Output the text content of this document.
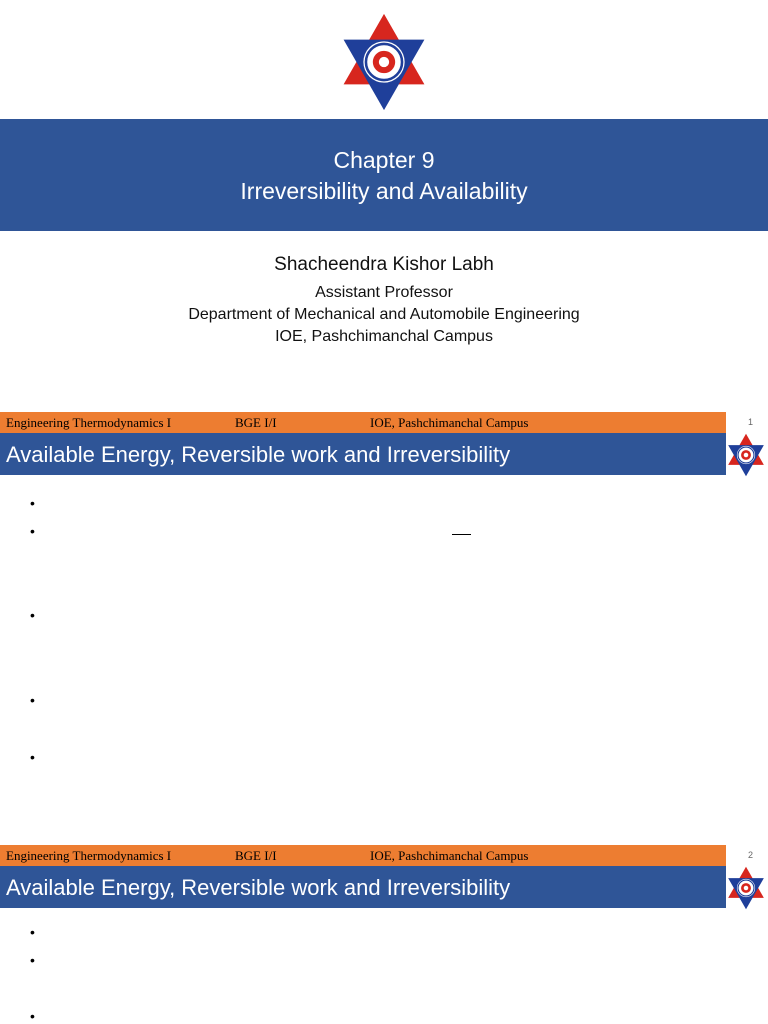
Chapter 9
Irreversibility and Availability
Shacheendra Kishor Labh
Assistant Professor
Department of Mechanical and Automobile Engineering
IOE, Pashchimanchal Campus
Engineering Thermodynamics I	BGE I/I	IOE, Pashchimanchal Campus	1
Available Energy, Reversible work and Irreversibility
•
•
•
•
•
Engineering Thermodynamics I	BGE I/I	IOE, Pashchimanchal Campus	2
Available Energy, Reversible work and Irreversibility
•
•
•
